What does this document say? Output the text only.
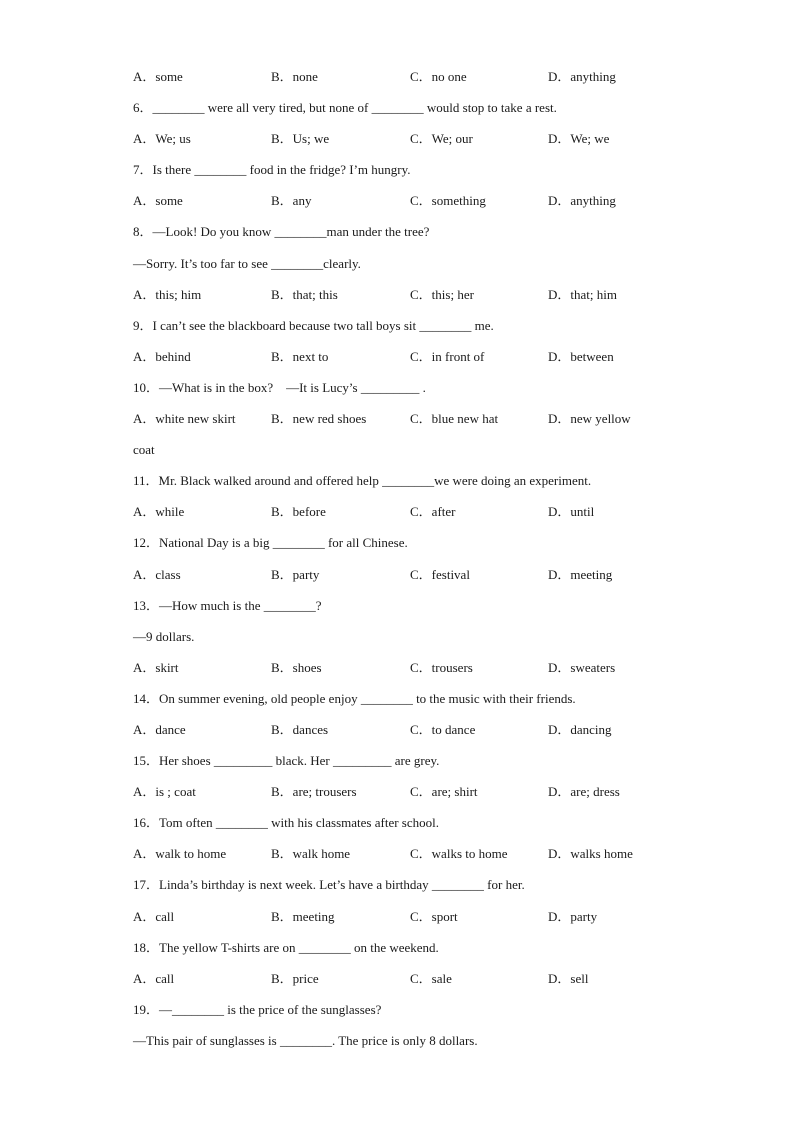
A．some	B．none	C．no one	D．anything
6．________ were all very tired, but none of ________ would stop to take a rest.
A．We; us	B．Us; we	C．We; our	D．We; we
7．Is there ________ food in the fridge? I’m hungry.
A．some	B．any	C．something	D．anything
8．—Look! Do you know ________man under the tree?
—Sorry. It’s too far to see ________clearly.
A．this; him	B．that; this	C．this; her	D．that; him
9．I can’t see the blackboard because two tall boys sit ________ me.
A．behind	B．next to	C．in front of	D．between
10．—What is in the box?    —It is Lucy’s _________ .
A．white new skirt	B．new red shoes	C．blue new hat	D．new yellow
coat
11．Mr. Black walked around and offered help ________we were doing an experiment.
A．while	B．before	C．after	D．until
12．National Day is a big ________ for all Chinese.
A．class	B．party	C．festival	D．meeting
13．—How much is the ________?
—9 dollars.
A．skirt	B．shoes	C．trousers	D．sweaters
14．On summer evening, old people enjoy ________ to the music with their friends.
A．dance	B．dances	C．to dance	D．dancing
15．Her shoes _________ black. Her _________ are grey.
A．is ; coat	B．are; trousers	C．are; shirt	D．are; dress
16．Tom often ________ with his classmates after school.
A．walk to home	B．walk home	C．walks to home	D．walks home
17．Linda’s birthday is next week. Let’s have a birthday ________ for her.
A．call	B．meeting	C．sport	D．party
18．The yellow T-shirts are on ________ on the weekend.
A．call	B．price	C．sale	D．sell
19．—________ is the price of the sunglasses?
—This pair of sunglasses is ________. The price is only 8 dollars.
